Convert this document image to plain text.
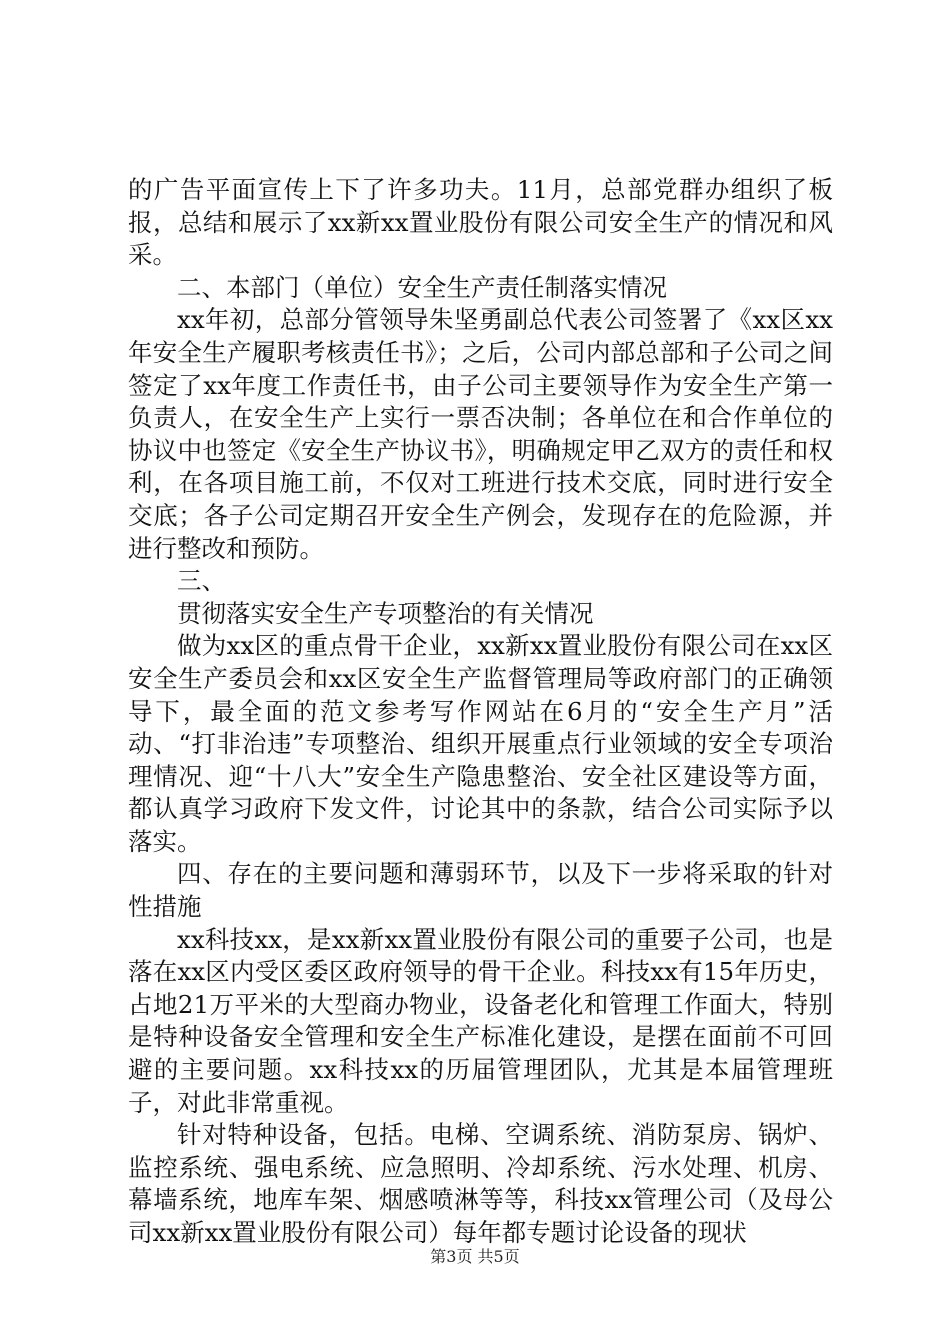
的广告平面宣传上下了许多功夫。11月，总部党群办组织了板报，总结和展示了xx新xx置业股份有限公司安全生产的情况和风采。

二、本部门（单位）安全生产责任制落实情况

xx年初，总部分管领导朱坚勇副总代表公司签署了《xx区xx年安全生产履职考核责任书》；之后，公司内部总部和子公司之间签定了xx年度工作责任书，由子公司主要领导作为安全生产第一负责人，在安全生产上实行一票否决制；各单位在和合作单位的协议中也签定《安全生产协议书》，明确规定甲乙双方的责任和权利，在各项目施工前，不仅对工班进行技术交底，同时进行安全交底；各子公司定期召开安全生产例会，发现存在的危险源，并进行整改和预防。

三、

贯彻落实安全生产专项整治的有关情况

做为xx区的重点骨干企业，xx新xx置业股份有限公司在xx区安全生产委员会和xx区安全生产监督管理局等政府部门的正确领导下，最全面的范文参考写作网站在6月的“安全生产月”活动、“打非治违”专项整治、组织开展重点行业领域的安全专项治理情况、迎“十八大”安全生产隐患整治、安全社区建设等方面，都认真学习政府下发文件，讨论其中的条款，结合公司实际予以落实。

四、存在的主要问题和薄弱环节，以及下一步将采取的针对性措施

xx科技xx，是xx新xx置业股份有限公司的重要子公司，也是落在xx区内受区委区政府领导的骨干企业。科技xx有15年历史，占地21万平米的大型商办物业，设备老化和管理工作面大，特别是特种设备安全管理和安全生产标准化建设，是摆在面前不可回避的主要问题。xx科技xx的历届管理团队，尤其是本届管理班子，对此非常重视。

针对特种设备，包括。电梯、空调系统、消防泵房、锅炉、监控系统、强电系统、应急照明、冷却系统、污水处理、机房、幕墙系统，地库车架、烟感喷淋等等，科技xx管理公司（及母公司xx新xx置业股份有限公司）每年都专题讨论设备的现状

第3页 共5页
